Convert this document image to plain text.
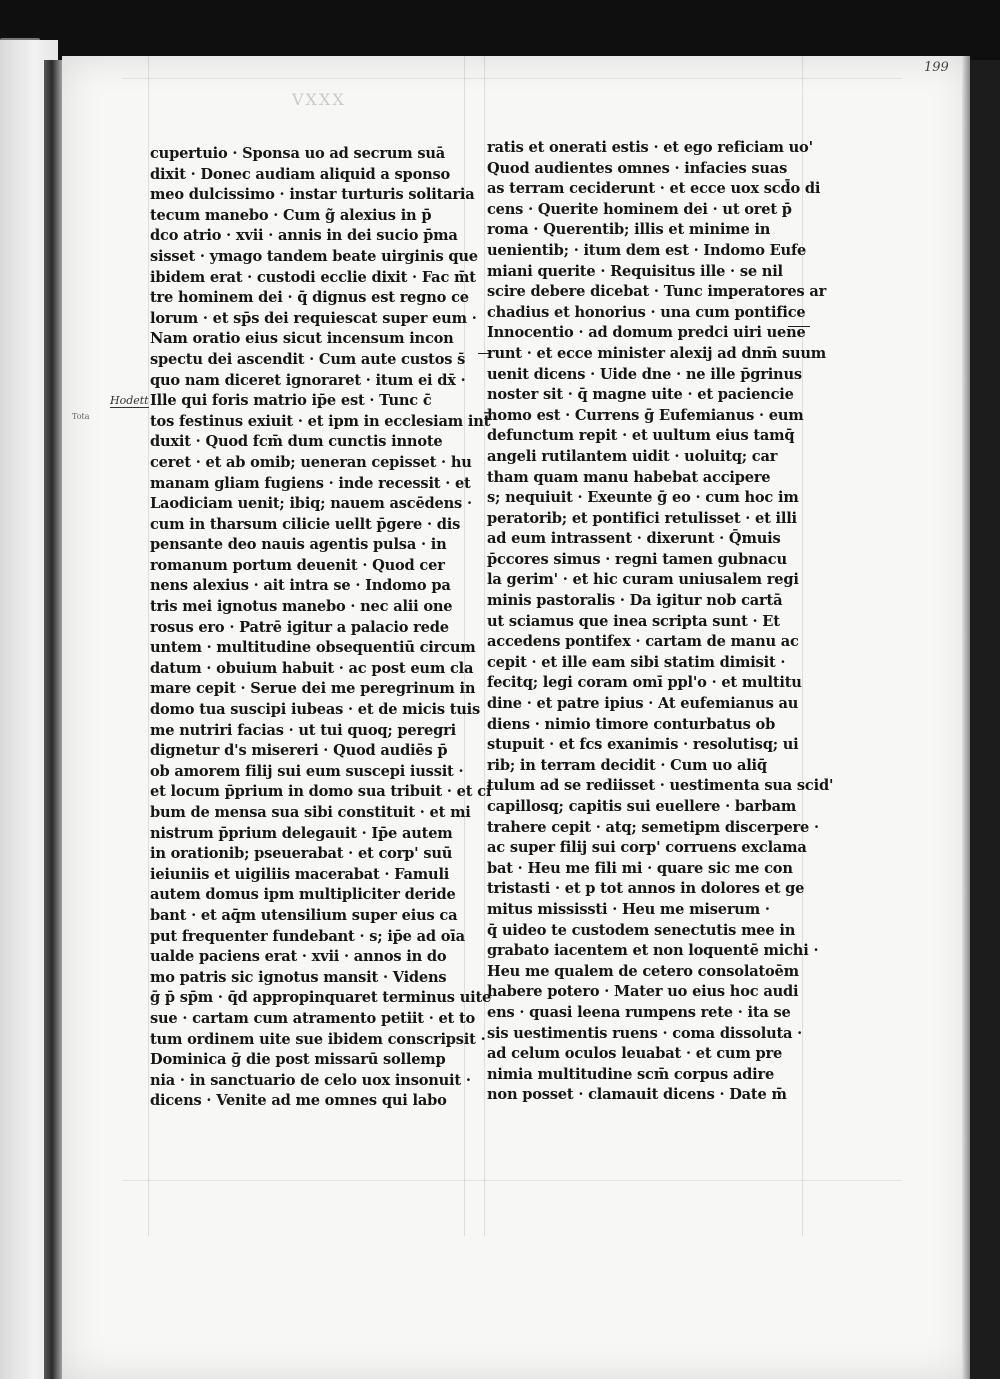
199
VXXX
Tota
Hodett
cupertuio · Sponsa uo ad secrum suā
dixit · Donec audiam aliquid a sponso
meo dulcissimo · instar turturis solitaria
tecum manebo · Cum g̃ alexius in p̄
dco atrio · xvii · annis in dei sucio p̄ma
sisset · ymago tandem beate uirginis que
ibidem erat · custodi ecclie dixit · Fac m̄t
tre hominem dei · q̄ dignus est regno ce
lorum · et sp̄s dei requiescat super eum ·
Nam oratio eius sicut incensum incon
spectu dei ascendit · Cum aute custos s̄
quo nam diceret ignoraret · itum ei dx̄ ·
Ille qui foris matrio ip̄e est · Tunc c̄
tos festinus exiuit · et ipm in ecclesiam int̄
duxit · Quod fcm̄ dum cunctis innote
ceret · et ab omib; ueneran cepisset · hu
manam gliam fugiens · inde recessit · et
Laodiciam uenit; ibiq; nauem ascēdens ·
cum in tharsum cilicie uellt p̄gere · dis
pensante deo nauis agentis pulsa · in
romanum portum deuenit · Quod cer
nens alexius · ait intra se · Indomo pa
tris mei ignotus manebo · nec alii one
rosus ero · Patrē igitur a palacio rede
untem · multitudine obsequentiū circum
datum · obuium habuit · ac post eum cla
mare cepit · Serue dei me peregrinum in
domo tua suscipi iubeas · et de micis tuis
me nutriri facias · ut tui quoq; peregri
dignetur d's misereri · Quod audiēs p̄
ob amorem filij sui eum suscepi iussit ·
et locum p̄prium in domo sua tribuit · et ci
bum de mensa sua sibi constituit · et mi
nistrum p̄prium delegauit · Ip̄e autem
in orationib; pseuerabat · et corp' suū
ieiuniis et uigiliis macerabat · Famuli
autem domus ipm multipliciter deride
bant · et aq̄m utensilium super eius ca
put frequenter fundebant · s; ip̄e ad oīa
ualde paciens erat · xvii · annos in do
mo patris sic ignotus mansit · Videns
ḡ p̄ sp̄m · q̄d appropinquaret terminus uite
sue · cartam cum atramento petiit · et to
tum ordinem uite sue ibidem conscripsit ·
Dominica ḡ die post missarū sollemp
nia · in sanctuario de celo uox insonuit ·
dicens · Venite ad me omnes qui labo
ratis et onerati estis · et ego reficiam uo'
Quod audientes omnes · infacies suas
as terram ceciderunt · et ecce uox scd̄o di
cens · Querite hominem dei · ut oret p̄
roma · Querentib; illis et minime in
uenientib; · itum dem est · Indomo Eufe
miani querite · Requisitus ille · se nil
scire debere dicebat · Tunc imperatores ar
chadius et honorius · una cum pontifice
Innocentio · ad domum predci uiri uene
runt · et ecce minister alexij ad dnm̄ suum
uenit dicens · Uide dne · ne ille p̄grinus
noster sit · q̄ magne uite · et paciencie
homo est · Currens ḡ Eufemianus · eum
defunctum repit · et uultum eius tamq̄
angeli rutilantem uidit · uoluitq; car
tham quam manu habebat accipere
s; nequiuit · Exeunte ḡ eo · cum hoc im
peratorib; et pontifici retulisset · et illi
ad eum intrassent · dixerunt · Q̄muis
p̄ccores simus · regni tamen gubnacu
la gerim' · et hic curam uniusalem regi
minis pastoralis · Da igitur nob cartā
ut sciamus que inea scripta sunt · Et
accedens pontifex · cartam de manu ac
cepit · et ille eam sibi statim dimisit ·
fecitq; legi coram omī ppl'o · et multitu
dine · et patre ipius · At eufemianus au
diens · nimio timore conturbatus ob
stupuit · et fcs exanimis · resolutisq; ui
rib; in terram decidit · Cum uo aliq̄
tulum ad se rediisset · uestimenta sua scid'
capillosq; capitis sui euellere · barbam
trahere cepit · atq; semetipm discerpere ·
ac super filij sui corp' corruens exclama
bat · Heu me fili mi · quare sic me con
tristasti · et p tot annos in dolores et ge
mitus mississti · Heu me miserum ·
q̄ uideo te custodem senectutis mee in
grabato iacentem et non loquentē michi ·
Heu me qualem de cetero consolatoēm
habere potero · Mater uo eius hoc audi
ens · quasi leena rumpens rete · ita se
sis uestimentis ruens · coma dissoluta ·
ad celum oculos leuabat · et cum pre
nimia multitudine scm̄ corpus adire
non posset · clamauit dicens · Date m̄
